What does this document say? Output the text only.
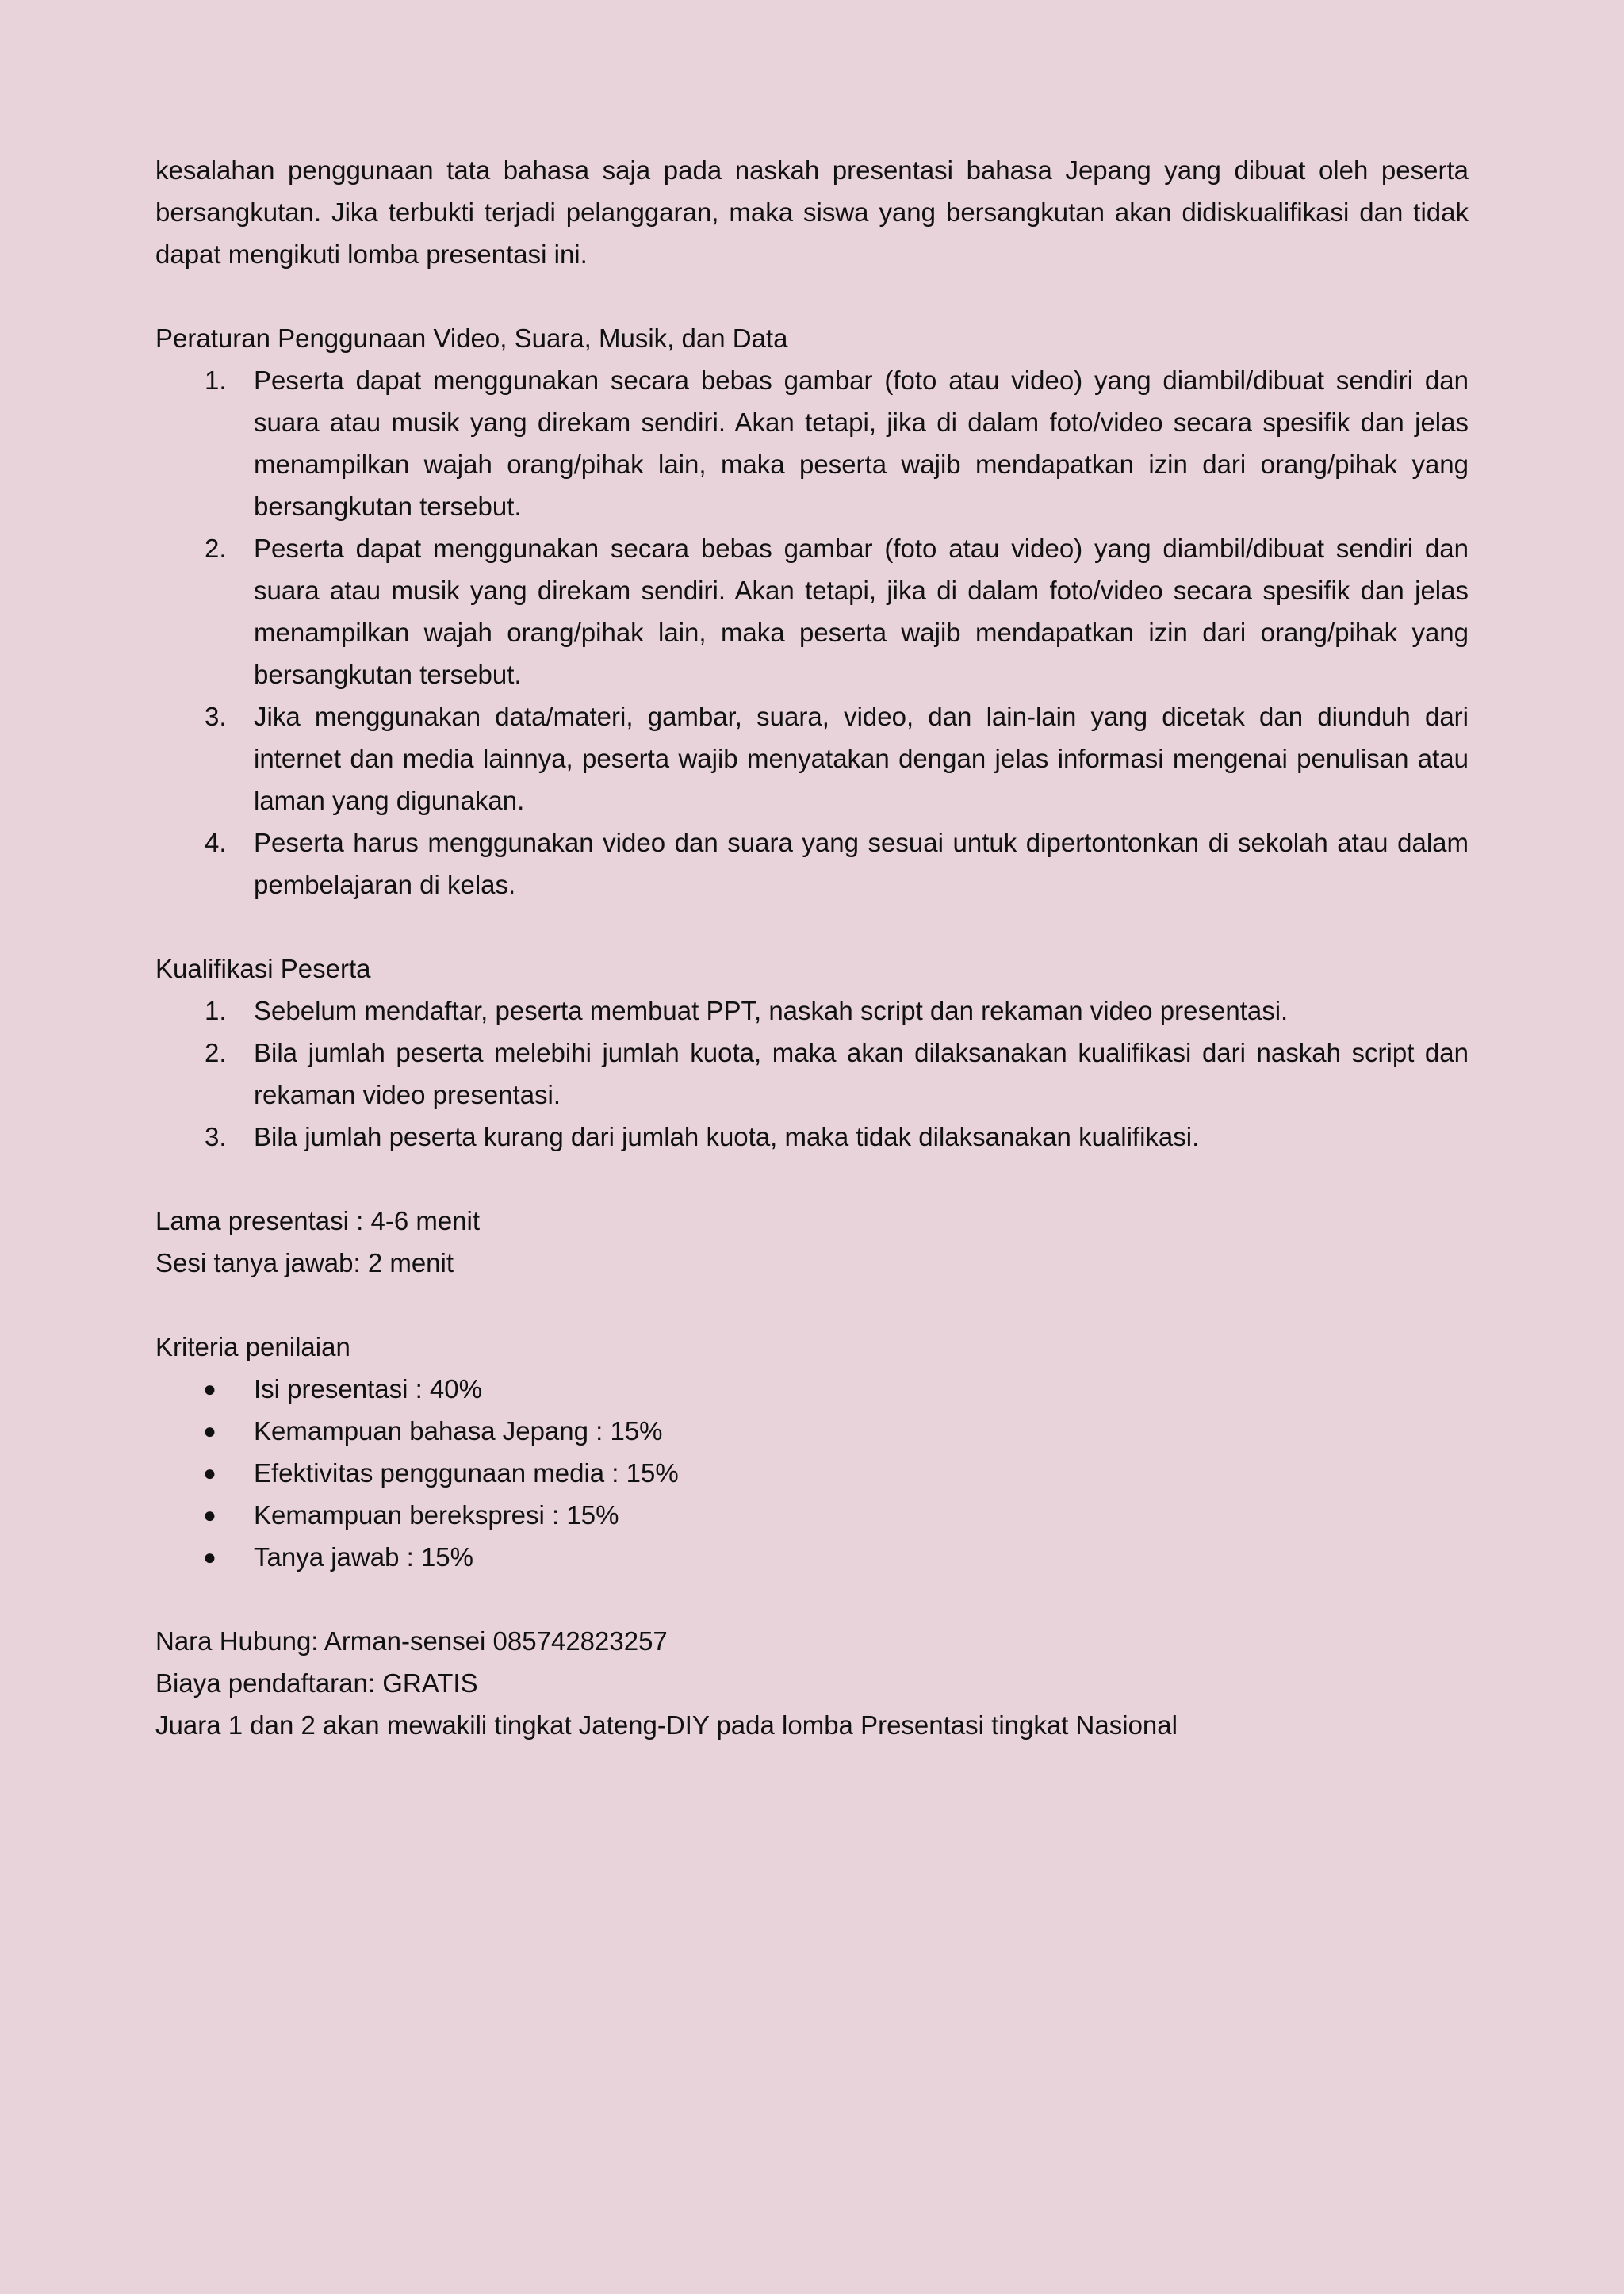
kesalahan penggunaan tata bahasa saja pada naskah presentasi bahasa Jepang yang dibuat oleh peserta bersangkutan. Jika terbukti terjadi pelanggaran, maka siswa yang bersangkutan akan didiskualifikasi dan tidak dapat mengikuti lomba presentasi ini.

Peraturan Penggunaan Video, Suara, Musik, dan Data

1.	Peserta dapat menggunakan secara bebas gambar (foto atau video) yang diambil/dibuat sendiri dan suara atau musik yang direkam sendiri. Akan tetapi, jika di dalam foto/video secara spesifik dan jelas menampilkan wajah orang/pihak lain, maka peserta wajib mendapatkan izin dari orang/pihak yang bersangkutan tersebut.
2.	Peserta dapat menggunakan secara bebas gambar (foto atau video) yang diambil/dibuat sendiri dan suara atau musik yang direkam sendiri. Akan tetapi, jika di dalam foto/video secara spesifik dan jelas menampilkan wajah orang/pihak lain, maka peserta wajib mendapatkan izin dari orang/pihak yang bersangkutan tersebut.
3.	Jika menggunakan data/materi, gambar, suara, video, dan lain-lain yang dicetak dan diunduh dari internet dan media lainnya, peserta wajib menyatakan dengan jelas informasi mengenai penulisan atau laman yang digunakan.
4.	Peserta harus menggunakan video dan suara yang sesuai untuk dipertontonkan di sekolah atau dalam pembelajaran di kelas.

Kualifikasi Peserta

1.	Sebelum mendaftar, peserta membuat PPT, naskah script dan rekaman video presentasi.
2.	Bila jumlah peserta melebihi jumlah kuota, maka akan dilaksanakan kualifikasi dari naskah script dan rekaman video presentasi.
3.	Bila jumlah peserta kurang dari jumlah kuota, maka tidak dilaksanakan kualifikasi.

Lama presentasi : 4-6 menit

Sesi tanya jawab: 2 menit

Kriteria penilaian

●	Isi presentasi : 40%
●	Kemampuan bahasa Jepang : 15%
●	Efektivitas penggunaan media : 15%
●	Kemampuan berekspresi : 15%
●	Tanya jawab : 15%

Nara Hubung: Arman-sensei 085742823257

Biaya pendaftaran: GRATIS

Juara 1 dan 2 akan mewakili tingkat Jateng-DIY pada lomba Presentasi tingkat Nasional
